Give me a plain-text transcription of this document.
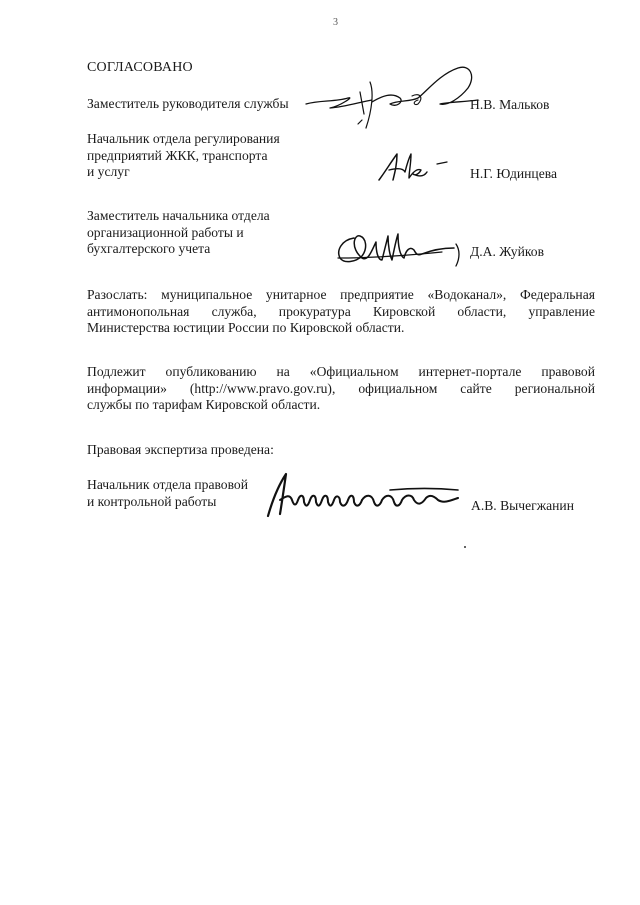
3
СОГЛАСОВАНО
Заместитель руководителя службы	Н.В. Мальков
Начальник отдела регулирования
предприятий ЖКК, транспорта
и услуг	Н.Г. Юдинцева
Заместитель начальника отдела
организационной работы и
бухгалтерского учета	Д.А. Жуйков
Разослать: муниципальное унитарное предприятие «Водоканал», Федеральная
антимонопольная служба, прокуратура Кировской области, управление
Министерства юстиции России по Кировской области.
Подлежит опубликованию на «Официальном интернет-портале правовой
информации» (http://www.pravo.gov.ru), официальном сайте региональной
службы по тарифам Кировской области.
Правовая экспертиза проведена:
Начальник отдела правовой
и контрольной работы	А.В. Вычегжанин
